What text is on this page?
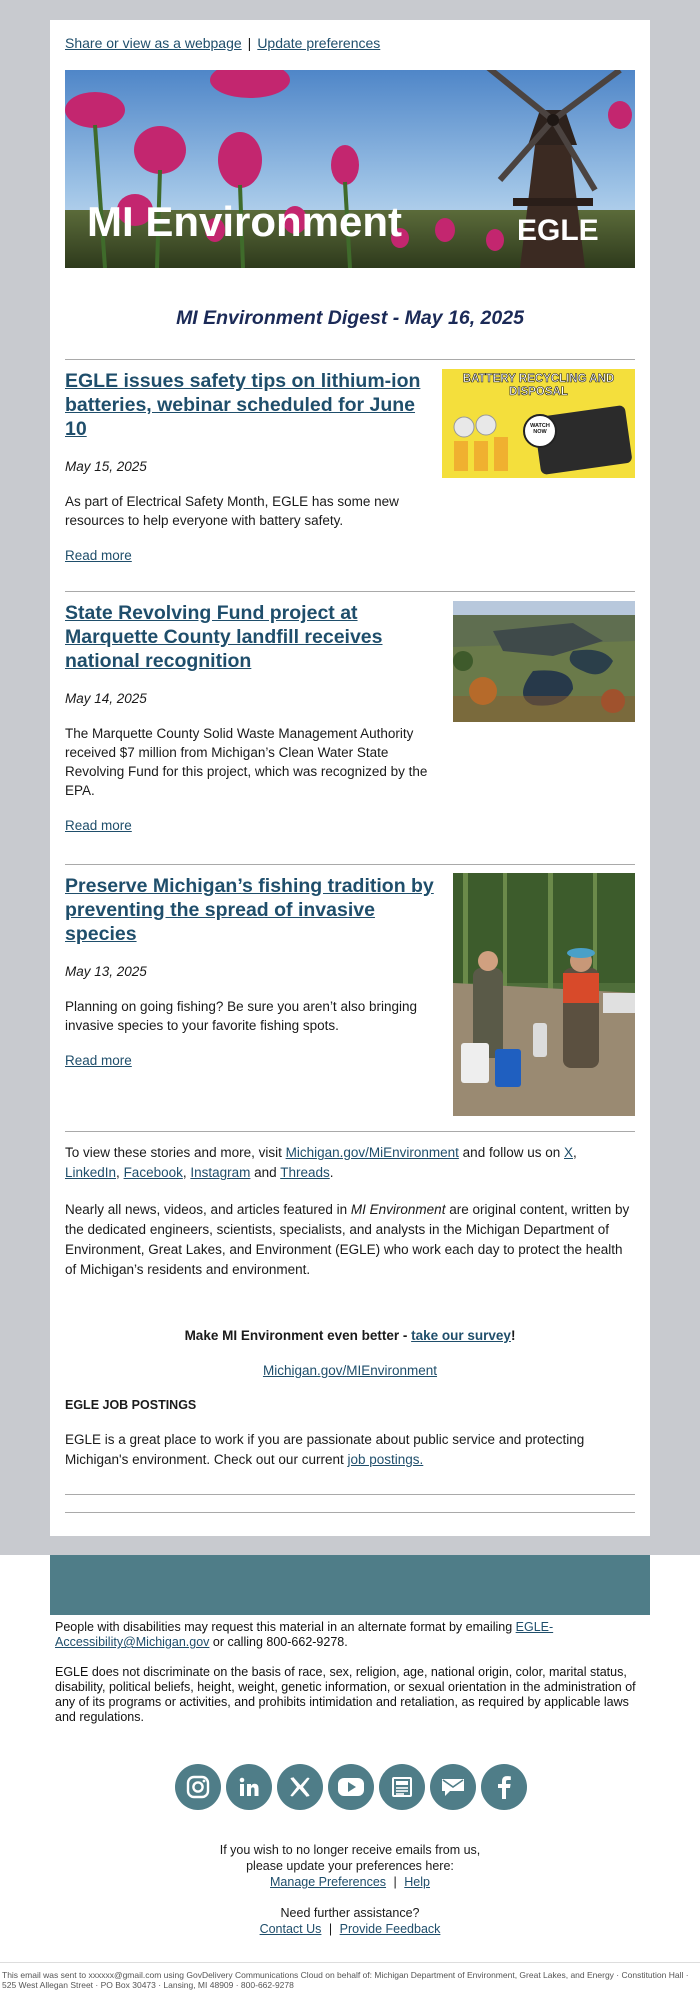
Share or view as a webpage | Update preferences
MI Environment	EGLE
MI Environment Digest - May 16, 2025
EGLE issues safety tips on lithium-ion batteries, webinar scheduled for June 10
May 15, 2025
As part of Electrical Safety Month, EGLE has some new resources to help everyone with battery safety.
Read more
BATTERY RECYCLING AND DISPOSAL
WATCH NOW
State Revolving Fund project at Marquette County landfill receives national recognition
May 14, 2025
The Marquette County Solid Waste Management Authority received $7 million from Michigan’s Clean Water State Revolving Fund for this project, which was recognized by the EPA.
Read more
Preserve Michigan’s fishing tradition by preventing the spread of invasive species
May 13, 2025
Planning on going fishing? Be sure you aren’t also bringing invasive species to your favorite fishing spots.
Read more
To view these stories and more, visit Michigan.gov/MiEnvironment and follow us on X, LinkedIn, Facebook, Instagram and Threads.
Nearly all news, videos, and articles featured in MI Environment are original content, written by the dedicated engineers, scientists, specialists, and analysts in the Michigan Department of Environment, Great Lakes, and Environment (EGLE) who work each day to protect the health of Michigan’s residents and environment.
Make MI Environment even better - take our survey!
Michigan.gov/MIEnvironment
EGLE JOB POSTINGS
EGLE is a great place to work if you are passionate about public service and protecting Michigan's environment. Check out our current job postings.
People with disabilities may request this material in an alternate format by emailing EGLE-Accessibility@Michigan.gov or calling 800-662-9278.
EGLE does not discriminate on the basis of race, sex, religion, age, national origin, color, marital status, disability, political beliefs, height, weight, genetic information, or sexual orientation in the administration of any of its programs or activities, and prohibits intimidation and retaliation, as required by applicable laws and regulations.
If you wish to no longer receive emails from us,
please update your preferences here:
Manage Preferences | Help
Need further assistance?
Contact Us | Provide Feedback
This email was sent to xxxxxx@gmail.com using GovDelivery Communications Cloud on behalf of: Michigan Department of Environment, Great Lakes, and Energy · Constitution Hall · 525 West Allegan Street · PO Box 30473 · Lansing, MI 48909 · 800-662-9278
